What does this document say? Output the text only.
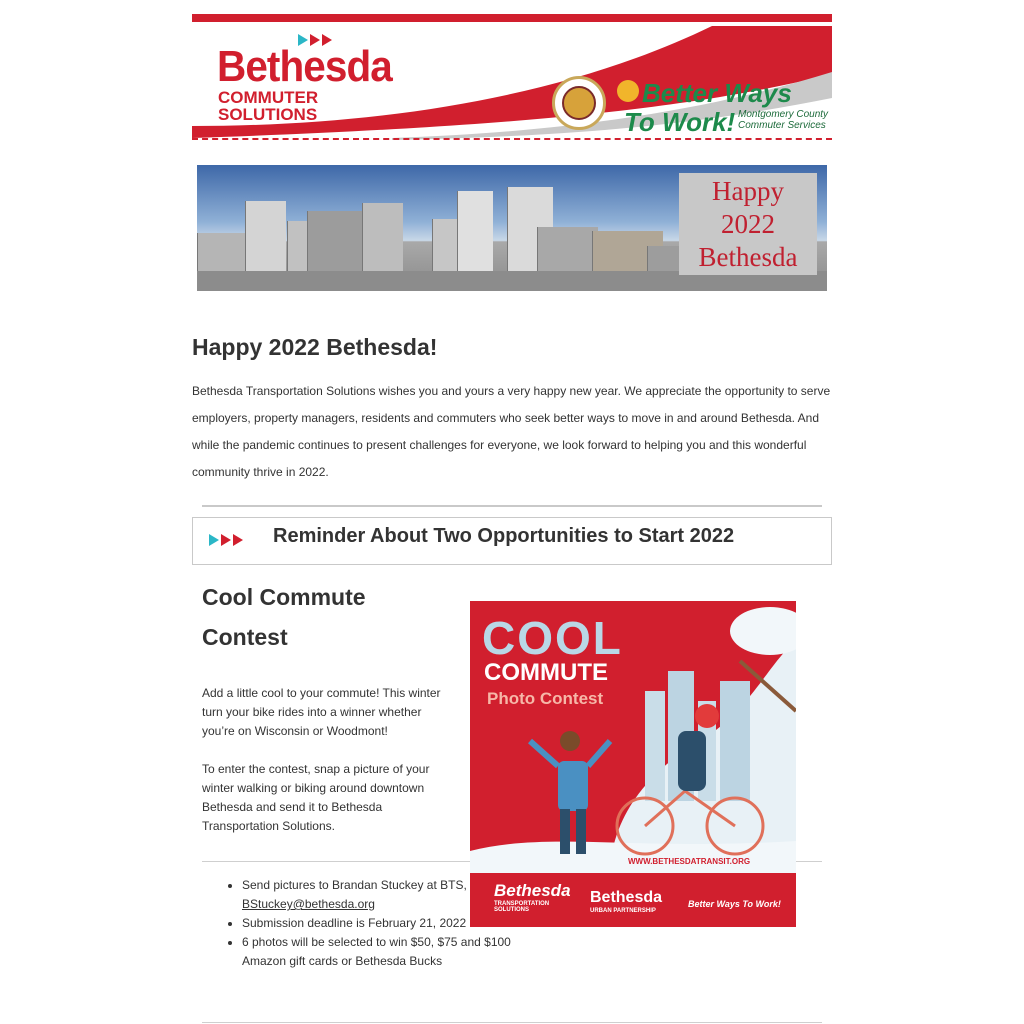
Bethesda
COMMUTER
SOLUTIONS
Better Ways
To Work! Montgomery County
Commuter Services
Happy
2022
Bethesda
Happy 2022 Bethesda!

Bethesda Transportation Solutions wishes you and yours a very happy new year. We appreciate the opportunity to serve employers, property managers, residents and commuters who seek better ways to move in and around Bethesda. And while the pandemic continues to present challenges for everyone, we look forward to helping you and this wonderful community thrive in 2022.

Reminder About Two Opportunities to Start 2022
Cool Commute Contest

Add a little cool to your commute! This winter turn your bike rides into a winner whether you’re on Wisconsin or Woodmont!

To enter the contest, snap a picture of your winter walking or biking around downtown Bethesda and send it to Bethesda Transportation Solutions.

• Send pictures to Brandan Stuckey at BTS, BStuckey@bethesda.org
• Submission deadline is February 21, 2022
• 6 photos will be selected to win $50, $75 and $100 Amazon gift cards or Bethesda Bucks
COOL
COMMUTE
Photo Contest
WWW.BETHESDATRANSIT.ORG
Bethesda
TRANSPORTATION SOLUTIONS
Bethesda
URBAN PARTNERSHIP
Better Ways To Work!
